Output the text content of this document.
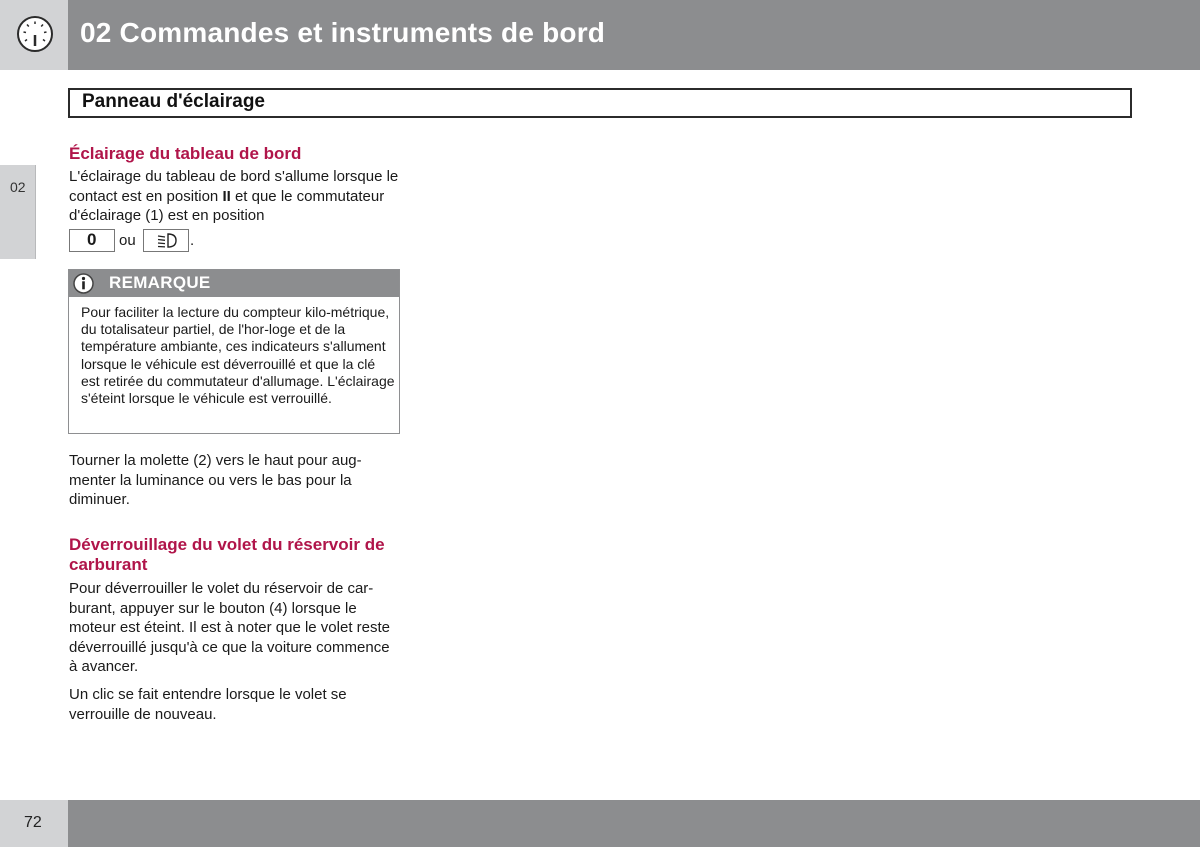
02 Commandes et instruments de bord
02
Panneau d'éclairage
Éclairage du tableau de bord
L'éclairage du tableau de bord s'allume lorsque le contact est en position II et que le commutateur d'éclairage (1) est en position
0 ou	.
REMARQUE
Pour faciliter la lecture du compteur kilo-métrique, du totalisateur partiel, de l'hor-loge et de la température ambiante, ces indicateurs s'allument lorsque le véhicule est déverrouillé et que la clé est retirée du commutateur d'allumage. L'éclairage s'éteint lorsque le véhicule est verrouillé.
Tourner la molette (2) vers le haut pour aug-menter la luminance ou vers le bas pour la diminuer.
Déverrouillage du volet du réservoir de carburant
Pour déverrouiller le volet du réservoir de car-burant, appuyer sur le bouton (4) lorsque le moteur est éteint. Il est à noter que le volet reste déverrouillé jusqu'à ce que la voiture commence à avancer.
Un clic se fait entendre lorsque le volet se verrouille de nouveau.
72
